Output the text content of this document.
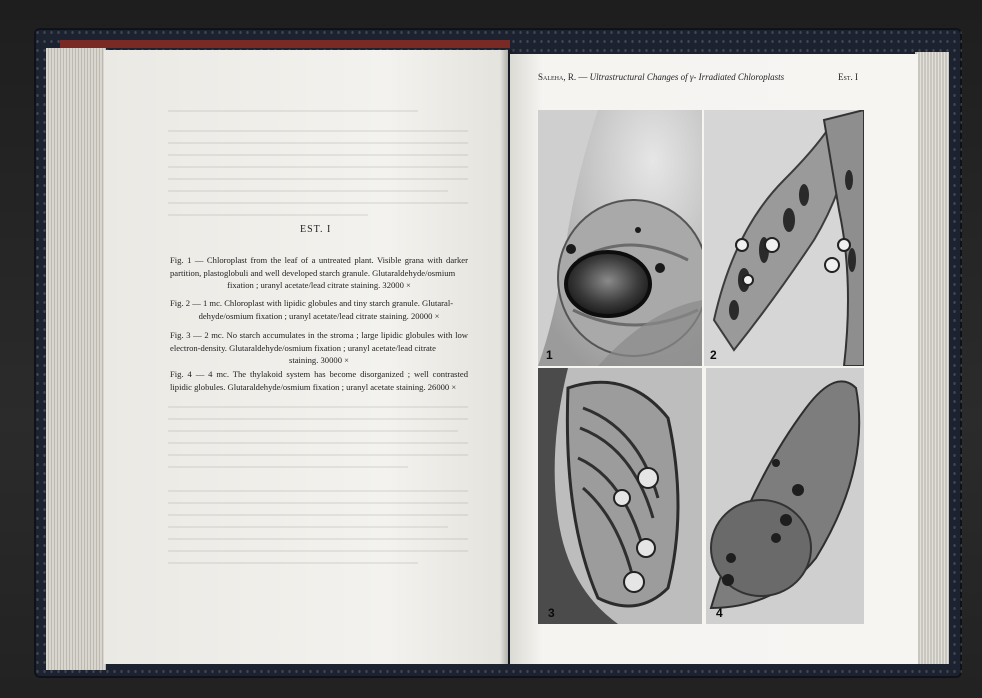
EST. I
Fig. 1 — Chloroplast from the leaf of a untreated plant. Visible grana with darker partition, plastoglobuli and well developed starch granule. Glutaraldehyde/osmium
fixation ; uranyl acetate/lead citrate staining. 32000 ×
Fig. 2 — 1 mc. Chloroplast with lipidic globules and tiny starch granule. Glutaral-
dehyde/osmium fixation ; uranyl acetate/lead citrate staining. 20000 ×
Fig. 3 — 2 mc. No starch accumulates in the stroma ; large lipidic globules with low electron-density. Glutaraldehyde/osmium fixation ; uranyl acetate/lead citrate
staining. 30000 ×
Fig. 4 — 4 mc. The thylakoid system has become disorganized ; well contrasted lipidic globules. Glutaraldehyde/osmium fixation ; uranyl acetate staining. 26000 ×
Saleha, R. — Ultrastructural Changes of γ- Irradiated Chloroplasts	Est. I
1	2
3	4
